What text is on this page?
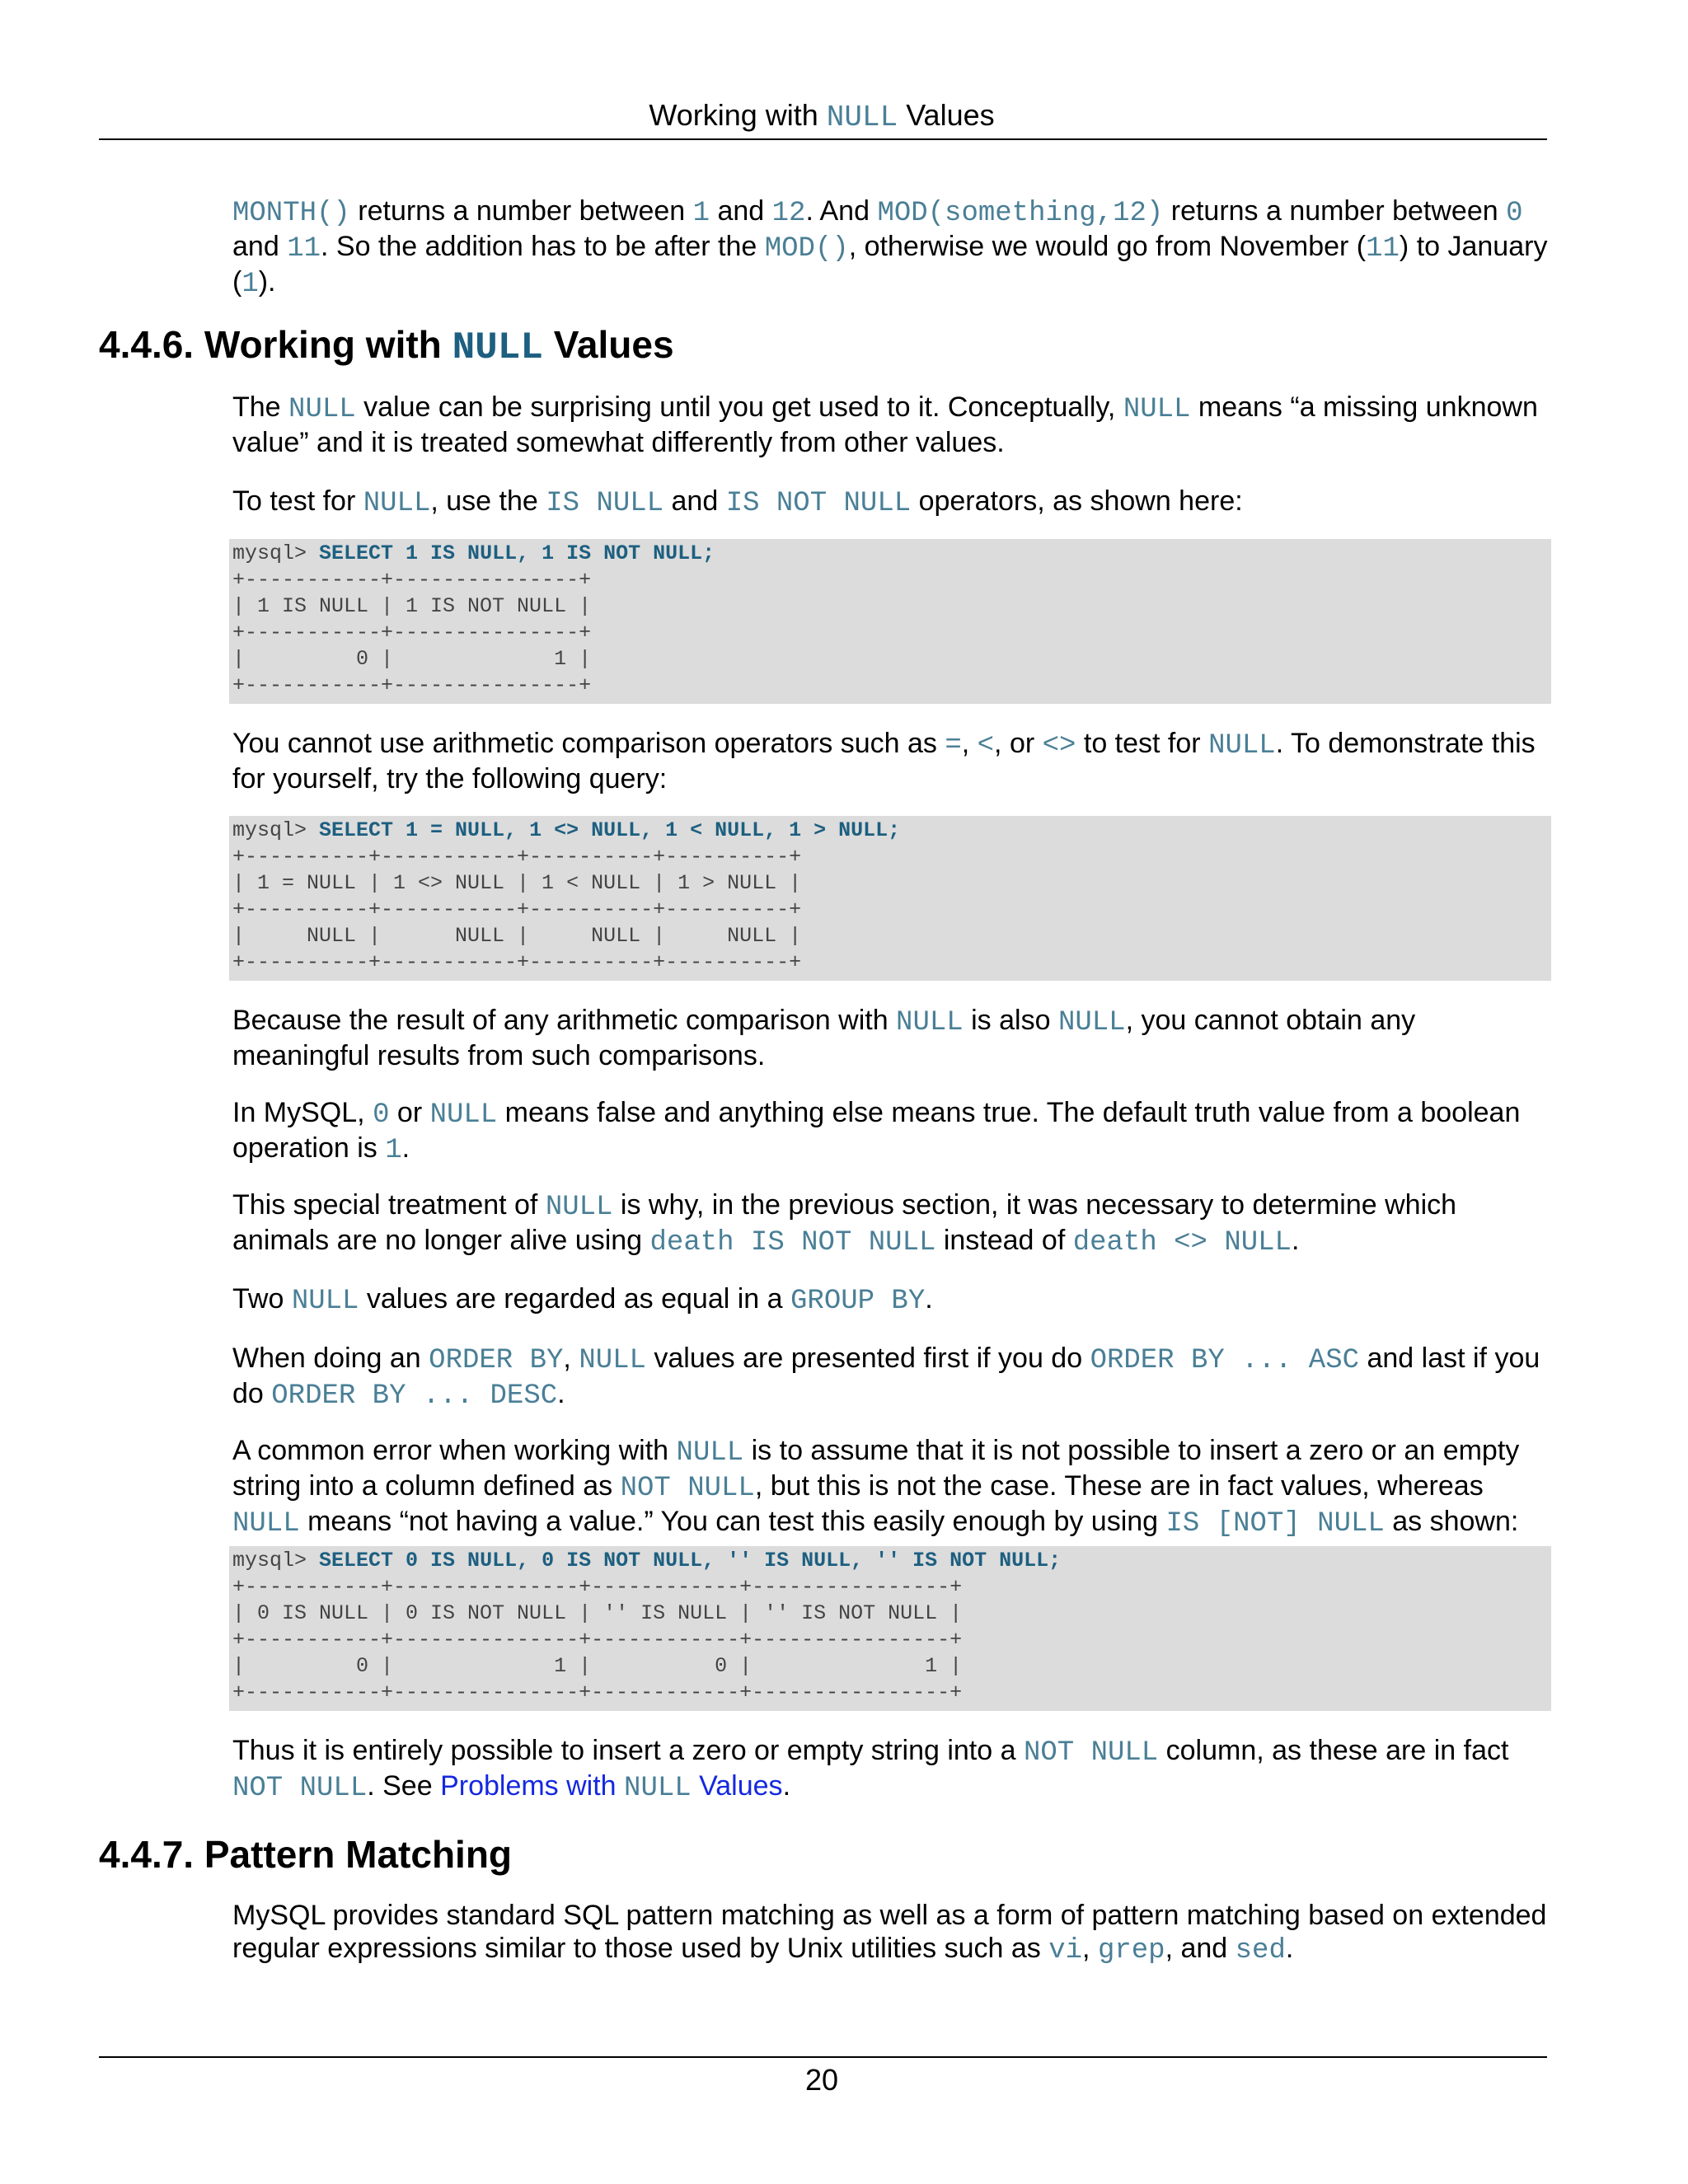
Working with NULL Values
MONTH() returns a number between 1 and 12. And MOD(something,12) returns a number between 0 and 11. So the addition has to be after the MOD(), otherwise we would go from November (11) to January (1).
4.4.6. Working with NULL Values
The NULL value can be surprising until you get used to it. Conceptually, NULL means “a missing unknown value” and it is treated somewhat differently from other values.
To test for NULL, use the IS NULL and IS NOT NULL operators, as shown here:
mysql> SELECT 1 IS NULL, 1 IS NOT NULL;
+-----------+---------------+
| 1 IS NULL | 1 IS NOT NULL |
+-----------+---------------+
|         0 |             1 |
+-----------+---------------+
You cannot use arithmetic comparison operators such as =, <, or <> to test for NULL. To demonstrate this for yourself, try the following query:
mysql> SELECT 1 = NULL, 1 <> NULL, 1 < NULL, 1 > NULL;
+----------+-----------+----------+----------+
| 1 = NULL | 1 <> NULL | 1 < NULL | 1 > NULL |
+----------+-----------+----------+----------+
|     NULL |      NULL |     NULL |     NULL |
+----------+-----------+----------+----------+
Because the result of any arithmetic comparison with NULL is also NULL, you cannot obtain any meaningful results from such comparisons.
In MySQL, 0 or NULL means false and anything else means true. The default truth value from a boolean operation is 1.
This special treatment of NULL is why, in the previous section, it was necessary to determine which animals are no longer alive using death IS NOT NULL instead of death <> NULL.
Two NULL values are regarded as equal in a GROUP BY.
When doing an ORDER BY, NULL values are presented first if you do ORDER BY ... ASC and last if you do ORDER BY ... DESC.
A common error when working with NULL is to assume that it is not possible to insert a zero or an empty string into a column defined as NOT NULL, but this is not the case. These are in fact values, whereas NULL means “not having a value.” You can test this easily enough by using IS [NOT] NULL as shown:
mysql> SELECT 0 IS NULL, 0 IS NOT NULL, '' IS NULL, '' IS NOT NULL;
+-----------+---------------+------------+----------------+
| 0 IS NULL | 0 IS NOT NULL | '' IS NULL | '' IS NOT NULL |
+-----------+---------------+------------+----------------+
|         0 |             1 |          0 |              1 |
+-----------+---------------+------------+----------------+
Thus it is entirely possible to insert a zero or empty string into a NOT NULL column, as these are in fact NOT NULL. See Problems with NULL Values.
4.4.7. Pattern Matching
MySQL provides standard SQL pattern matching as well as a form of pattern matching based on extended regular expressions similar to those used by Unix utilities such as vi, grep, and sed.
20
